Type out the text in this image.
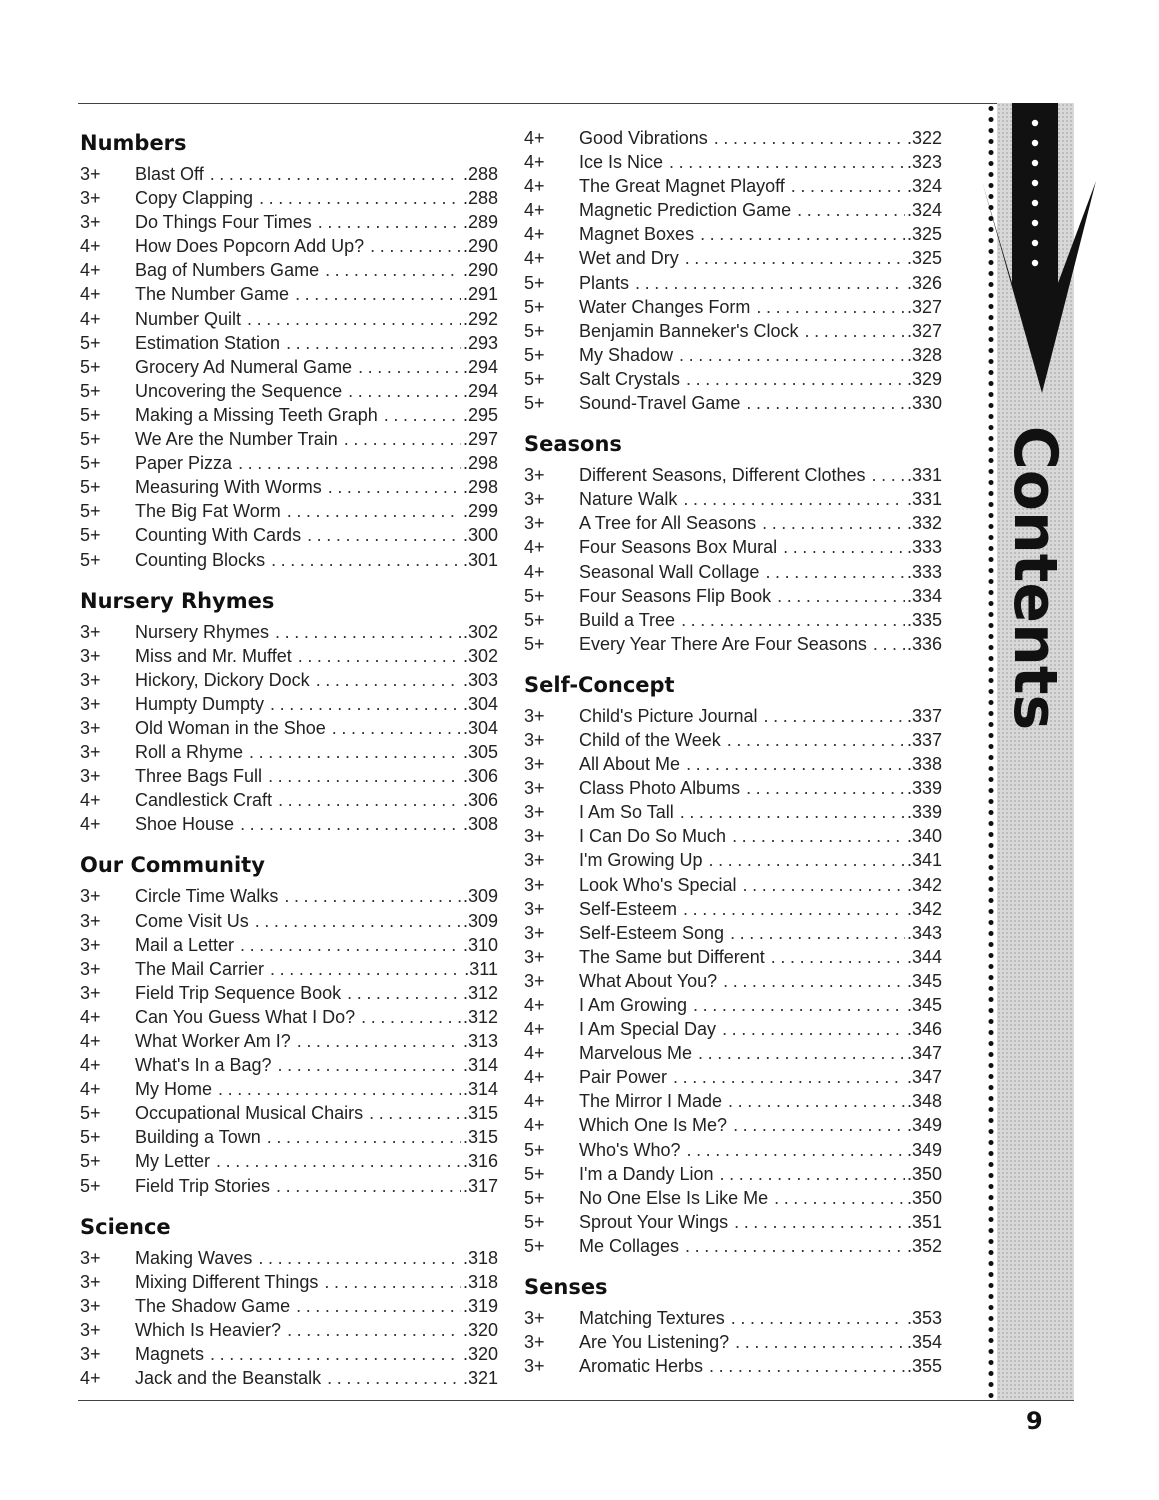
Numbers
3+	Blast Off .....	.288
3+	Copy Clapping .....	.288
3+	Do Things Four Times .....	.289
4+	How Does Popcorn Add Up? .....	.290
4+	Bag of Numbers Game .....	.290
4+	The Number Game .....	.291
4+	Number Quilt .....	.292
5+	Estimation Station .....	.293
5+	Grocery Ad Numeral Game .....	.294
5+	Uncovering the Sequence .....	.294
5+	Making a Missing Teeth Graph .....	.295
5+	We Are the Number Train .....	.297
5+	Paper Pizza .....	.298
5+	Measuring With Worms .....	.298
5+	The Big Fat Worm .....	.299
5+	Counting With Cards .....	.300
5+	Counting Blocks .....	.301
Nursery Rhymes
3+	Nursery Rhymes .....	.302
3+	Miss and Mr. Muffet .....	.302
3+	Hickory, Dickory Dock .....	.303
3+	Humpty Dumpty .....	.304
3+	Old Woman in the Shoe .....	.304
3+	Roll a Rhyme .....	.305
3+	Three Bags Full .....	.306
4+	Candlestick Craft .....	.306
4+	Shoe House .....	.308
Our Community
3+	Circle Time Walks .....	.309
3+	Come Visit Us .....	.309
3+	Mail a Letter .....	.310
3+	The Mail Carrier .....	.311
3+	Field Trip Sequence Book .....	.312
4+	Can You Guess What I Do? .....	.312
4+	What Worker Am I? .....	.313
4+	What's In a Bag? .....	.314
4+	My Home .....	.314
5+	Occupational Musical Chairs .....	.315
5+	Building a Town .....	.315
5+	My Letter .....	.316
5+	Field Trip Stories .....	.317
Science
3+	Making Waves .....	.318
3+	Mixing Different Things .....	.318
3+	The Shadow Game .....	.319
3+	Which Is Heavier? .....	.320
3+	Magnets .....	.320
4+	Jack and the Beanstalk .....	.321
4+	Good Vibrations .....	.322
4+	Ice Is Nice .....	.323
4+	The Great Magnet Playoff .....	.324
4+	Magnetic Prediction Game .....	.324
4+	Magnet Boxes .....	.325
4+	Wet and Dry .....	.325
5+	Plants .....	.326
5+	Water Changes Form .....	.327
5+	Benjamin Banneker's Clock .....	.327
5+	My Shadow .....	.328
5+	Salt Crystals .....	.329
5+	Sound-Travel Game .....	.330
Seasons
3+	Different Seasons, Different Clothes ..... .331
3+	Nature Walk .....	.331
3+	A Tree for All Seasons .....	.332
4+	Four Seasons Box Mural .....	.333
4+	Seasonal Wall Collage .....	.333
5+	Four Seasons Flip Book .....	.334
5+	Build a Tree .....	.335
5+	Every Year There Are Four Seasons ..... .336
Self-Concept
3+	Child's Picture Journal .....	.337
3+	Child of the Week .....	.337
3+	All About Me .....	.338
3+	Class Photo Albums .....	.339
3+	I Am So Tall .....	.339
3+	I Can Do So Much .....	.340
3+	I'm Growing Up .....	.341
3+	Look Who's Special .....	.342
3+	Self-Esteem .....	.342
3+	Self-Esteem Song .....	.343
3+	The Same but Different .....	.344
3+	What About You? .....	.345
4+	I Am Growing .....	.345
4+	I Am Special Day .....	.346
4+	Marvelous Me .....	.347
4+	Pair Power .....	.347
4+	The Mirror I Made .....	.348
4+	Which One Is Me? .....	.349
5+	Who's Who? .....	.349
5+	I'm a Dandy Lion .....	.350
5+	No One Else Is Like Me .....	.350
5+	Sprout Your Wings .....	.351
5+	Me Collages .....	.352
Senses
3+	Matching Textures .....	.353
3+	Are You Listening? .....	.354
3+	Aromatic Herbs .....	.355
Contents
9
